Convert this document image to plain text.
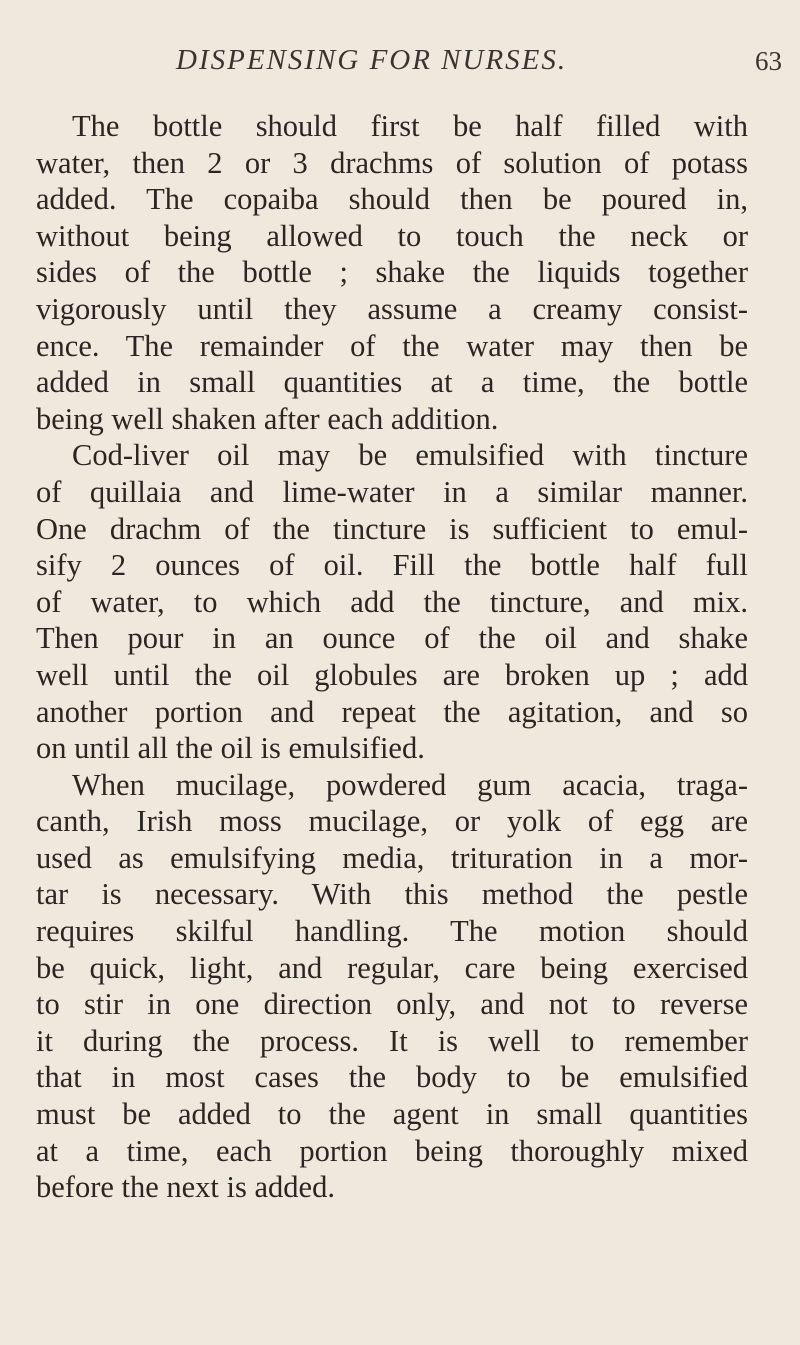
DISPENSING FOR NURSES.	63
The bottle should first be half filled with
water, then 2 or 3 drachms of solution of potass
added. The copaiba should then be poured in,
without being allowed to touch the neck or
sides of the bottle ; shake the liquids together
vigorously until they assume a creamy consist-
ence. The remainder of the water may then be
added in small quantities at a time, the bottle
being well shaken after each addition.
Cod-liver oil may be emulsified with tincture
of quillaia and lime-water in a similar manner.
One drachm of the tincture is sufficient to emul-
sify 2 ounces of oil. Fill the bottle half full
of water, to which add the tincture, and mix.
Then pour in an ounce of the oil and shake
well until the oil globules are broken up ; add
another portion and repeat the agitation, and so
on until all the oil is emulsified.
When mucilage, powdered gum acacia, traga-
canth, Irish moss mucilage, or yolk of egg are
used as emulsifying media, trituration in a mor-
tar is necessary. With this method the pestle
requires skilful handling. The motion should
be quick, light, and regular, care being exercised
to stir in one direction only, and not to reverse
it during the process. It is well to remember
that in most cases the body to be emulsified
must be added to the agent in small quantities
at a time, each portion being thoroughly mixed
before the next is added.
